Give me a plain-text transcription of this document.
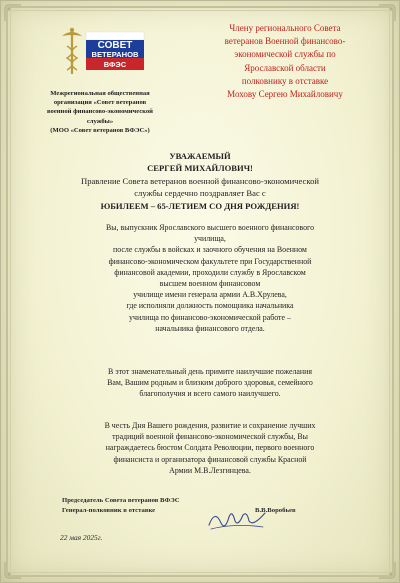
СОВЕТ
ВЕТЕРАНОВ
ВФЭС
Межрегиональная общественная
организация «Совет ветеранов
военной финансово-экономической
службы»
(МОО «Совет ветеранов ВФЭС»)
Члену регионального Совета
ветеранов Военной финансово-
экономической службы по
Ярославской области
полковнику в отставке
Мохову Сергею Михайловичу
УВАЖАЕМЫЙ
СЕРГЕЙ МИХАЙЛОВИЧ!
Правление Совета ветеранов военной финансово-экономической
службы сердечно поздравляет Вас с
ЮБИЛЕЕМ – 65-ЛЕТИЕМ СО ДНЯ РОЖДЕНИЯ!
Вы, выпускник Ярославского высшего военного финансового
училища,
после службы в войсках и заочного обучения на Военном
финансово-экономическом факультете при Государственной
финансовой академии, проходили службу в Ярославском
высшем военном финансовом
училище имени генерала армии А.В.Хрулева,
где исполняли должность помощника начальника
училища по финансово-экономической работе –
начальника финансового отдела.
В этот знаменательный день примите наилучшие пожелания
Вам, Вашим родным и близким доброго здоровья, семейного
благополучия и всего самого наилучшего.
В честь Дня Вашего рождения, развитие и сохранение лучших
традиций военной финансово-экономической службы, Вы
награждаетесь бюстом Солдата Революции, первого военного
финансиста и организатора финансовой службы Красной
Армии М.В.Лезгинцева.
Председатель Совета ветеранов ВФЭС
Генерал-полковник в отставке	В.В.Воробьев
22 мая 2025г.
